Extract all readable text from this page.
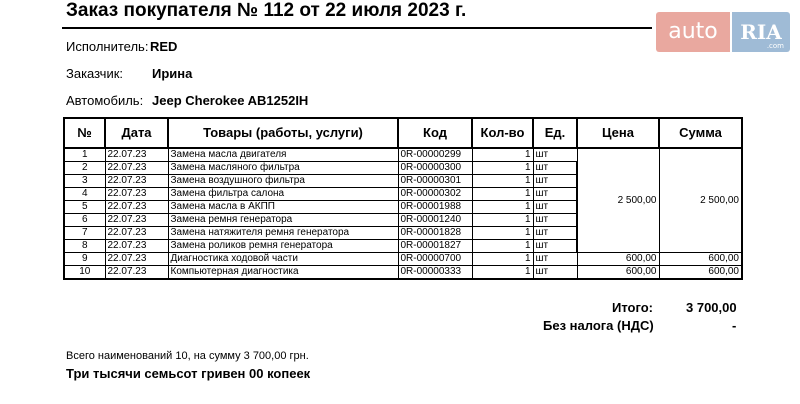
Заказ покупателя № 112 от 22 июля 2023 г.
Исполнитель: RED
Заказчик: Ирина
Автомобиль: Jeep Cherokee AB1252IH
№	Дата	Товары (работы, услуги)	Код	Кол-во	Ед.	Цена	Сумма
1	22.07.23	Замена масла двигателя	0R-00000299	1	шт	2 500,00	2 500,00
2	22.07.23	Замена масляного фильтра	0R-00000300	1	шт		
3	22.07.23	Замена воздушного фильтра	0R-00000301	1	шт		
4	22.07.23	Замена фильтра салона	0R-00000302	1	шт		
5	22.07.23	Замена масла в АКПП	0R-00001988	1	шт		
6	22.07.23	Замена ремня генератора	0R-00001240	1	шт		
7	22.07.23	Замена натяжителя ремня генератора	0R-00001828	1	шт		
8	22.07.23	Замена роликов ремня генератора	0R-00001827	1	шт		
9	22.07.23	Диагностика ходовой части	0R-00000700	1	шт	600,00	600,00
10	22.07.23	Компьютерная диагностика	0R-00000333	1	шт	600,00	600,00
Итого:	3 700,00
Без налога (НДС)	-
Всего наименований 10, на сумму 3 700,00 грн.
Три тысячи семьсот гривен 00 копеек
auto	RIA
.com
